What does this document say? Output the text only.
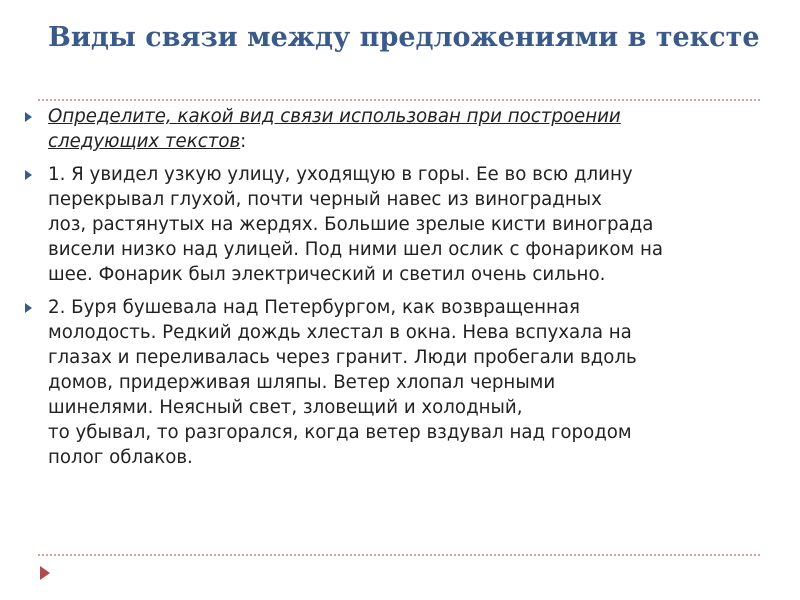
Виды связи между предложениями в тексте
Определите, какой вид связи использован при построении
следующих текстов:
1. Я увидел узкую улицу, уходящую в горы. Ее во всю длину
перекрывал глухой, почти черный навес из виноградных
лоз, растянутых на жердях. Большие зрелые кисти винограда
висели низко над улицей. Под ними шел ослик с фонариком на
шее. Фонарик был электрический и светил очень сильно.
2. Буря бушевала над Петербургом, как возвращенная
молодость. Редкий дождь хлестал в окна. Нева вспухала на
глазах и переливалась через гранит. Люди пробегали вдоль
домов, придерживая шляпы. Ветер хлопал черными
шинелями. Неясный свет, зловещий и холодный,
то убывал, то разгорался, когда ветер вздувал над городом
полог облаков.
